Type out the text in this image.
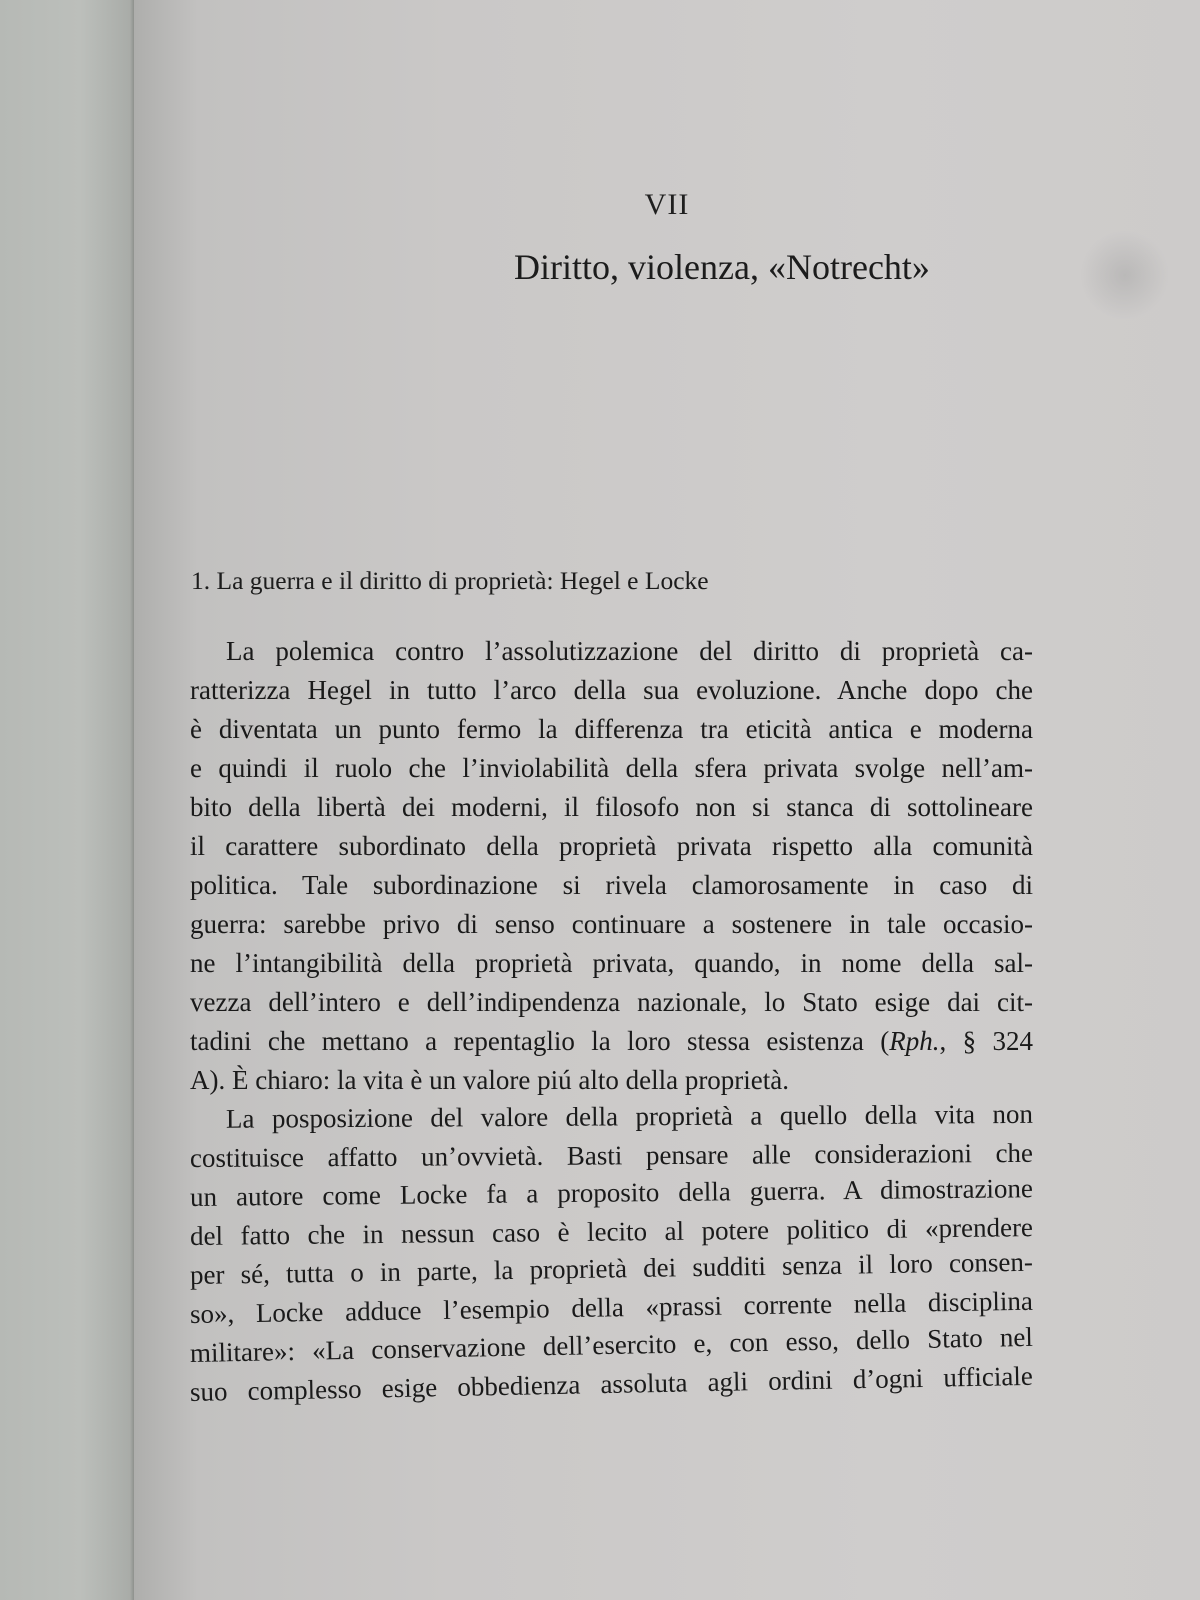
VII
Diritto, violenza, «Notrecht»
1. La guerra e il diritto di proprietà: Hegel e Locke
La polemica contro l’assolutizzazione del diritto di proprietà ca-
ratterizza Hegel in tutto l’arco della sua evoluzione. Anche dopo che
è diventata un punto fermo la differenza tra eticità antica e moderna
e quindi il ruolo che l’inviolabilità della sfera privata svolge nell’am-
bito della libertà dei moderni, il filosofo non si stanca di sottolineare
il carattere subordinato della proprietà privata rispetto alla comunità
politica. Tale subordinazione si rivela clamorosamente in caso di
guerra: sarebbe privo di senso continuare a sostenere in tale occasio-
ne l’intangibilità della proprietà privata, quando, in nome della sal-
vezza dell’intero e dell’indipendenza nazionale, lo Stato esige dai cit-
tadini che mettano a repentaglio la loro stessa esistenza (Rph., § 324
A). È chiaro: la vita è un valore piú alto della proprietà.
La posposizione del valore della proprietà a quello della vita non
costituisce affatto un’ovvietà. Basti pensare alle considerazioni che
un autore come Locke fa a proposito della guerra. A dimostrazione
del fatto che in nessun caso è lecito al potere politico di «prendere
per sé, tutta o in parte, la proprietà dei sudditi senza il loro consen-
so», Locke adduce l’esempio della «prassi corrente nella disciplina
militare»: «La conservazione dell’esercito e, con esso, dello Stato nel
suo complesso esige obbedienza assoluta agli ordini d’ogni ufficiale
